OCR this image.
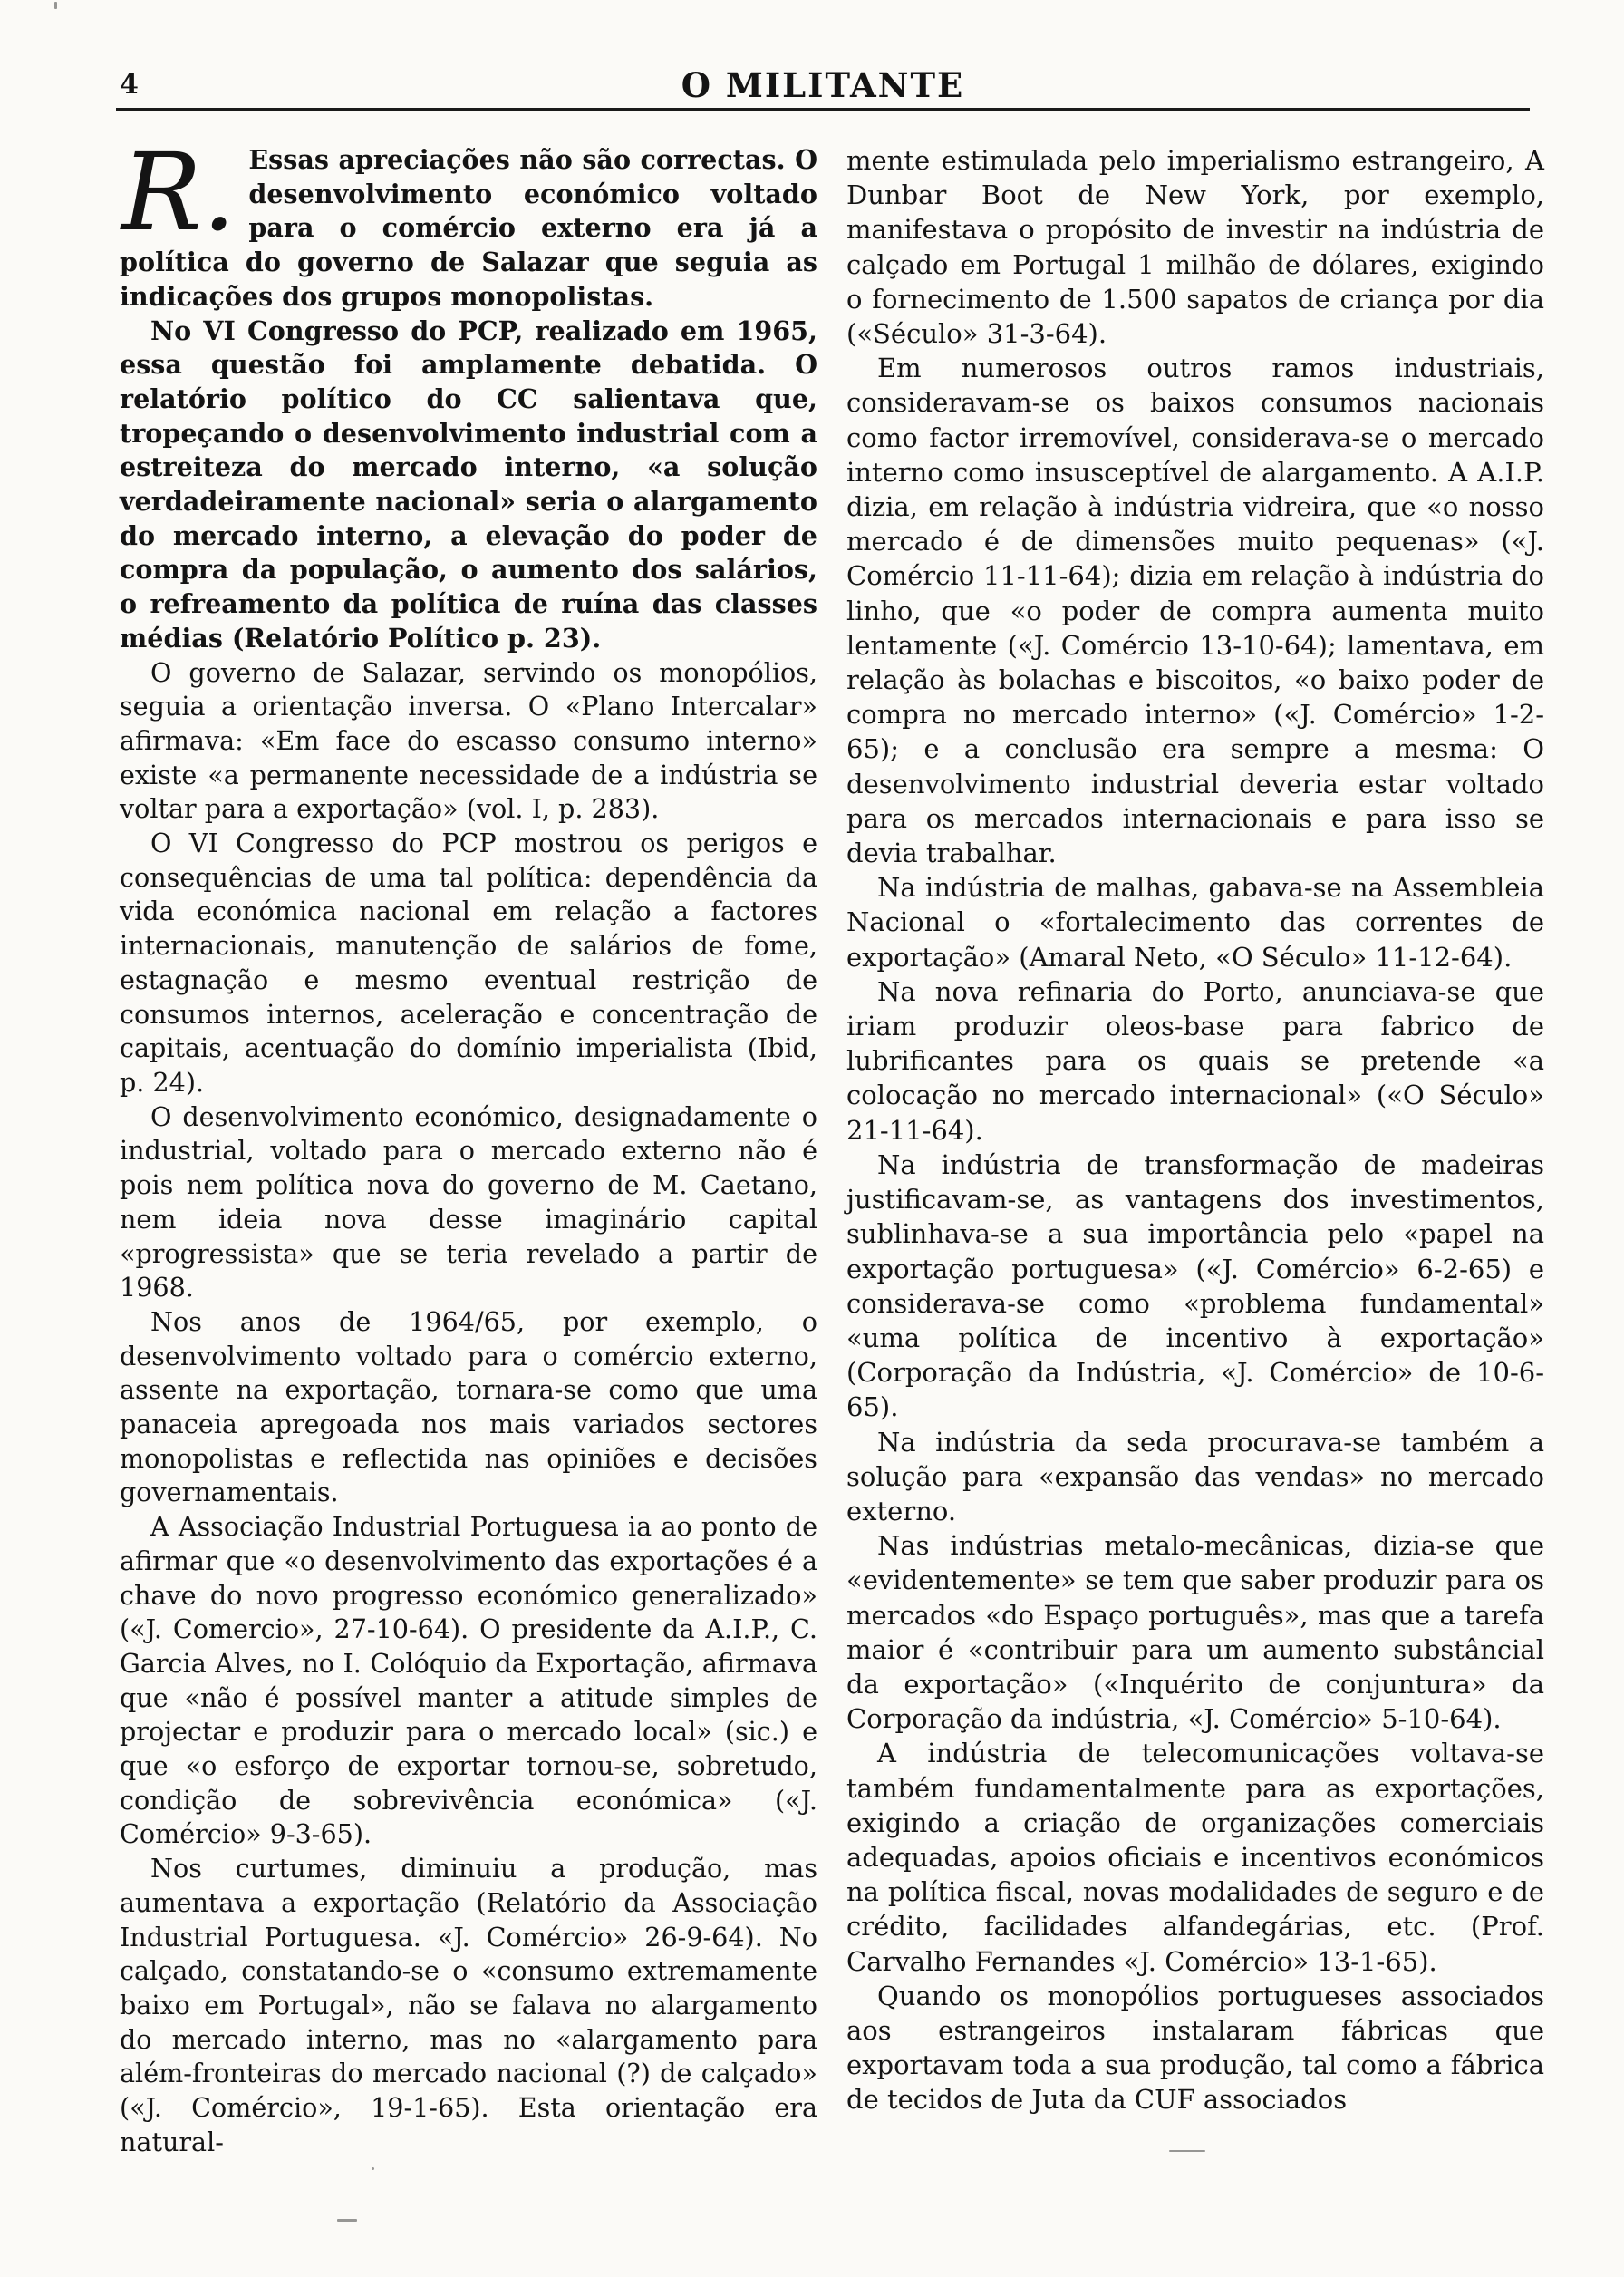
4	O MILITANTE

R. Essas apreciações não são correctas. O desenvolvimento económico voltado para o comércio externo era já a política do governo de Salazar que seguia as indicações dos grupos monopolistas.

No VI Congresso do PCP, realizado em 1965, essa questão foi amplamente debatida. O relatório político do CC salientava que, tropeçando o desenvolvimento industrial com a estreiteza do mercado interno, «a solução verdadeiramente nacional» seria o alargamento do mercado interno, a elevação do poder de compra da população, o aumento dos salários, o refreamento da política de ruína das classes médias (Relatório Político p. 23).

O governo de Salazar, servindo os monopólios, seguia a orientação inversa. O «Plano Intercalar» afirmava: «Em face do escasso consumo interno» existe «a permanente necessidade de a indústria se voltar para a exportação» (vol. I, p. 283).

O VI Congresso do PCP mostrou os perigos e consequências de uma tal política: dependência da vida económica nacional em relação a factores internacionais, manutenção de salários de fome, estagnação e mesmo eventual restrição de consumos internos, aceleração e concentração de capitais, acentuação do domínio imperialista (Ibid, p. 24).

O desenvolvimento económico, designadamente o industrial, voltado para o mercado externo não é pois nem política nova do governo de M. Caetano, nem ideia nova desse imaginário capital «progressista» que se teria revelado a partir de 1968.

Nos anos de 1964/65, por exemplo, o desenvolvimento voltado para o comércio externo, assente na exportação, tornara-se como que uma panaceia apregoada nos mais variados sectores monopolistas e reflectida nas opiniões e decisões governamentais.

A Associação Industrial Portuguesa ia ao ponto de afirmar que «o desenvolvimento das exportações é a chave do novo progresso económico generalizado» («J. Comercio», 27-10-64). O presidente da A.I.P., C. Garcia Alves, no I. Colóquio da Exportação, afirmava que «não é possível manter a atitude simples de projectar e produzir para o mercado local» (sic.) e que «o esforço de exportar tornou-se, sobretudo, condição de sobrevivência económica» («J. Comércio» 9-3-65).

Nos curtumes, diminuiu a produção, mas aumentava a exportação (Relatório da Associação Industrial Portuguesa. «J. Comércio» 26-9-64). No calçado, constatando-se o «consumo extremamente baixo em Portugal», não se falava no alargamento do mercado interno, mas no «alargamento para além-fronteiras do mercado nacional (?) de calçado» («J. Comércio», 19-1-65). Esta orientação era natural-

mente estimulada pelo imperialismo estrangeiro, A Dunbar Boot de New York, por exemplo, manifestava o propósito de investir na indústria de calçado em Portugal 1 milhão de dólares, exigindo o fornecimento de 1.500 sapatos de criança por dia («Século» 31-3-64).

Em numerosos outros ramos industriais, consideravam-se os baixos consumos nacionais como factor irremovível, considerava-se o mercado interno como insusceptível de alargamento. A A.I.P. dizia, em relação à indústria vidreira, que «o nosso mercado é de dimensões muito pequenas» («J. Comércio 11-11-64); dizia em relação à indústria do linho, que «o poder de compra aumenta muito lentamente («J. Comércio 13-10-64); lamentava, em relação às bolachas e biscoitos, «o baixo poder de compra no mercado interno» («J. Comércio» 1-2-65); e a conclusão era sempre a mesma: O desenvolvimento industrial deveria estar voltado para os mercados internacionais e para isso se devia trabalhar.

Na indústria de malhas, gabava-se na Assembleia Nacional o «fortalecimento das correntes de exportação» (Amaral Neto, «O Século» 11-12-64).

Na nova refinaria do Porto, anunciava-se que iriam produzir oleos-base para fabrico de lubrificantes para os quais se pretende «a colocação no mercado internacional» («O Século» 21-11-64).

Na indústria de transformação de madeiras justificavam-se, as vantagens dos investimentos, sublinhava-se a sua importância pelo «papel na exportação portuguesa» («J. Comércio» 6-2-65) e considerava-se como «problema fundamental» «uma política de incentivo à exportação» (Corporação da Indústria, «J. Comércio» de 10-6-65).

Na indústria da seda procurava-se também a solução para «expansão das vendas» no mercado externo.

Nas indústrias metalo-mecânicas, dizia-se que «evidentemente» se tem que saber produzir para os mercados «do Espaço português», mas que a tarefa maior é «contribuir para um aumento substâncial da exportação» («Inquérito de conjuntura» da Corporação da indústria, «J. Comércio» 5-10-64).

A indústria de telecomunicações voltava-se também fundamentalmente para as exportações, exigindo a criação de organizações comerciais adequadas, apoios oficiais e incentivos económicos na política fiscal, novas modalidades de seguro e de crédito, facilidades alfandegárias, etc. (Prof. Carvalho Fernandes «J. Comércio» 13-1-65).

Quando os monopólios portugueses associados aos estrangeiros instalaram fábricas que exportavam toda a sua produção, tal como a fábrica de tecidos de Juta da CUF associados
